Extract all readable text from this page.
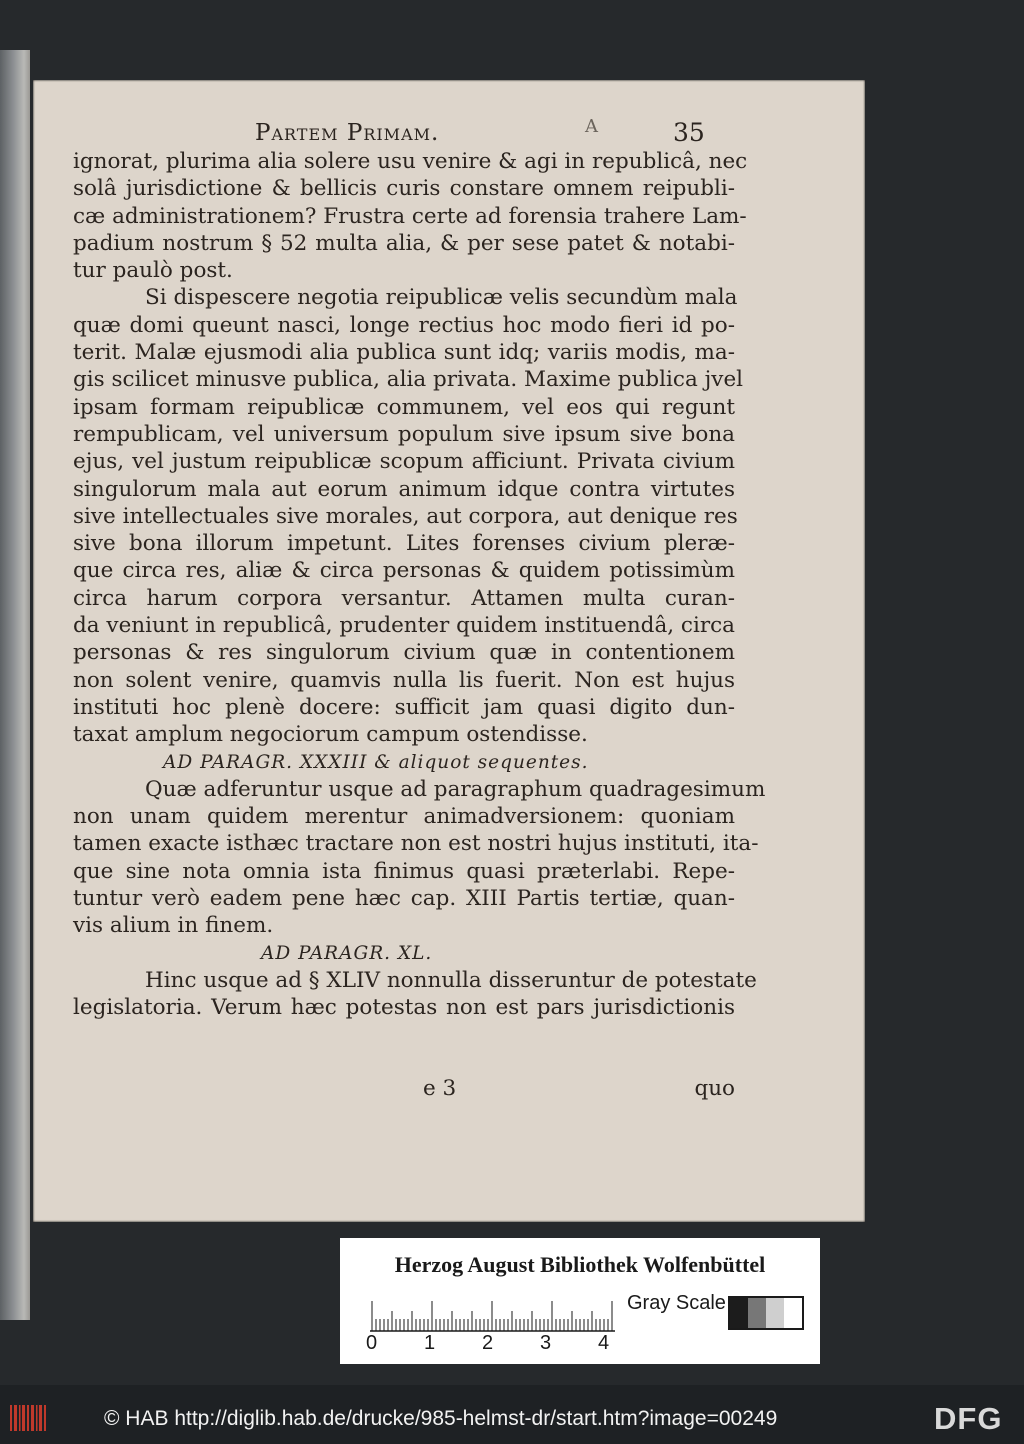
Partem Primam.	A	35
ignorat, plurima alia solere usu venire & agi in republicâ, nec
solâ jurisdictione & bellicis curis constare omnem reipubli-
cæ administrationem? Frustra certe ad forensia trahere Lam-
padium nostrum § 52 multa alia, & per sese patet & notabi-
tur paulò post.
Si dispescere negotia reipublicæ velis secundùm mala
quæ domi queunt nasci, longe rectius hoc modo fieri id po-
terit. Malæ ejusmodi alia publica sunt idq; variis modis, ma-
gis scilicet minusve publica, alia privata. Maxime publica jvel
ipsam formam reipublicæ communem, vel eos qui regunt
rempublicam, vel universum populum sive ipsum sive bona
ejus, vel justum reipublicæ scopum afficiunt. Privata civium
singulorum mala aut eorum animum idque contra virtutes
sive intellectuales sive morales, aut corpora, aut denique res
sive bona illorum impetunt. Lites forenses civium pleræ-
que circa res, aliæ & circa personas & quidem potissimùm
circa harum corpora versantur. Attamen multa curan-
da veniunt in republicâ, prudenter quidem instituendâ, circa
personas & res singulorum civium quæ in contentionem
non solent venire, quamvis nulla lis fuerit. Non est hujus
instituti hoc plenè docere: sufficit jam quasi digito dun-
taxat amplum negociorum campum ostendisse.
AD PARAGR. XXXIII & aliquot sequentes.
Quæ adferuntur usque ad paragraphum quadragesimum
non unam quidem merentur animadversionem: quoniam
tamen exacte isthæc tractare non est nostri hujus instituti, ita-
que sine nota omnia ista finimus quasi præterlabi. Repe-
tuntur verò eadem pene hæc cap. XIII Partis tertiæ, quan-
vis alium in finem.
AD PARAGR. XL.
Hinc usque ad § XLIV nonnulla disseruntur de potestate
legislatoria. Verum hæc potestas non est pars jurisdictionis
e 3	quo
Herzog August Bibliothek Wolfenbüttel
Gray Scale
0 1 2 3 4
© HAB http://diglib.hab.de/drucke/985-helmst-dr/start.htm?image=00249	DFG
